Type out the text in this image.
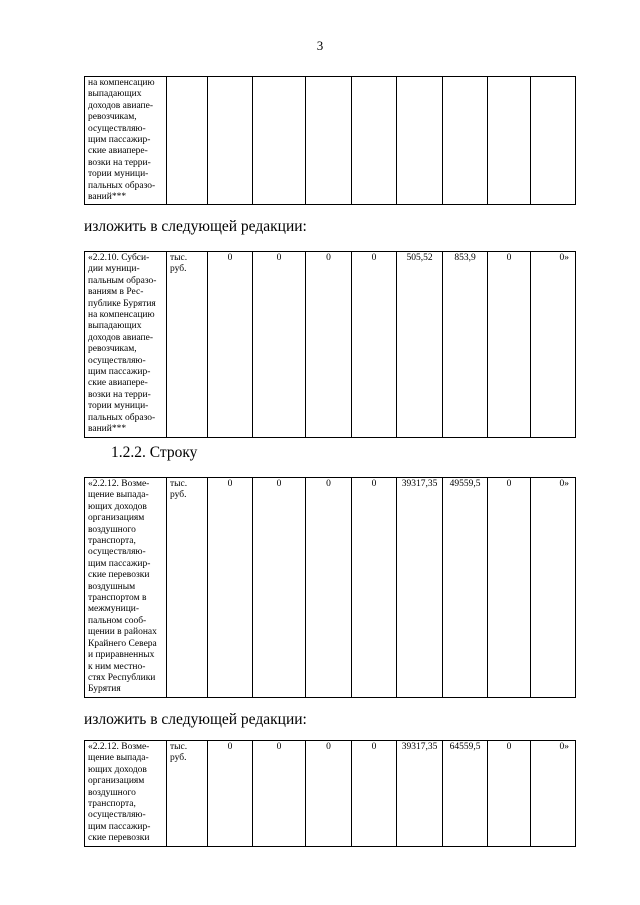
3
на компенсацию
выпадающих
доходов авиапе-
ревозчикам,
осуществляю-
щим пассажир-
ские авиапере-
возки на терри-
тории муници-
пальных образо-
ваний***

изложить в следующей редакции:
«2.2.10. Субси-
дии муници-
пальным образо-
ваниям в Рес-
публике Бурятия
на компенсацию
выпадающих
доходов авиапе-
ревозчикам,
осуществляю-
щим пассажир-
ские авиапере-
возки на терри-
тории муници-
пальных образо-
ваний***
	тыс. руб.	0	0	0	0	505,52	853,9	0	0»
1.2.2. Строку
«2.2.12. Возме-
щение выпада-
ющих доходов
организациям
воздушного
транспорта,
осуществляю-
щим пассажир-
ские перевозки
воздушным
транспортом в
межмуници-
пальном сооб-
щении в районах
Крайнего Севера
и приравненных
к ним местно-
стях Республики
Бурятия
	тыс. руб.	0	0	0	0	39317,35	49559,5	0	0»
изложить в следующей редакции:
«2.2.12. Возме-
щение выпада-
ющих доходов
организациям
воздушного
транспорта,
осуществляю-
щим пассажир-
ские перевозки
	тыс. руб.	0	0	0	0	39317,35	64559,5	0	0»
